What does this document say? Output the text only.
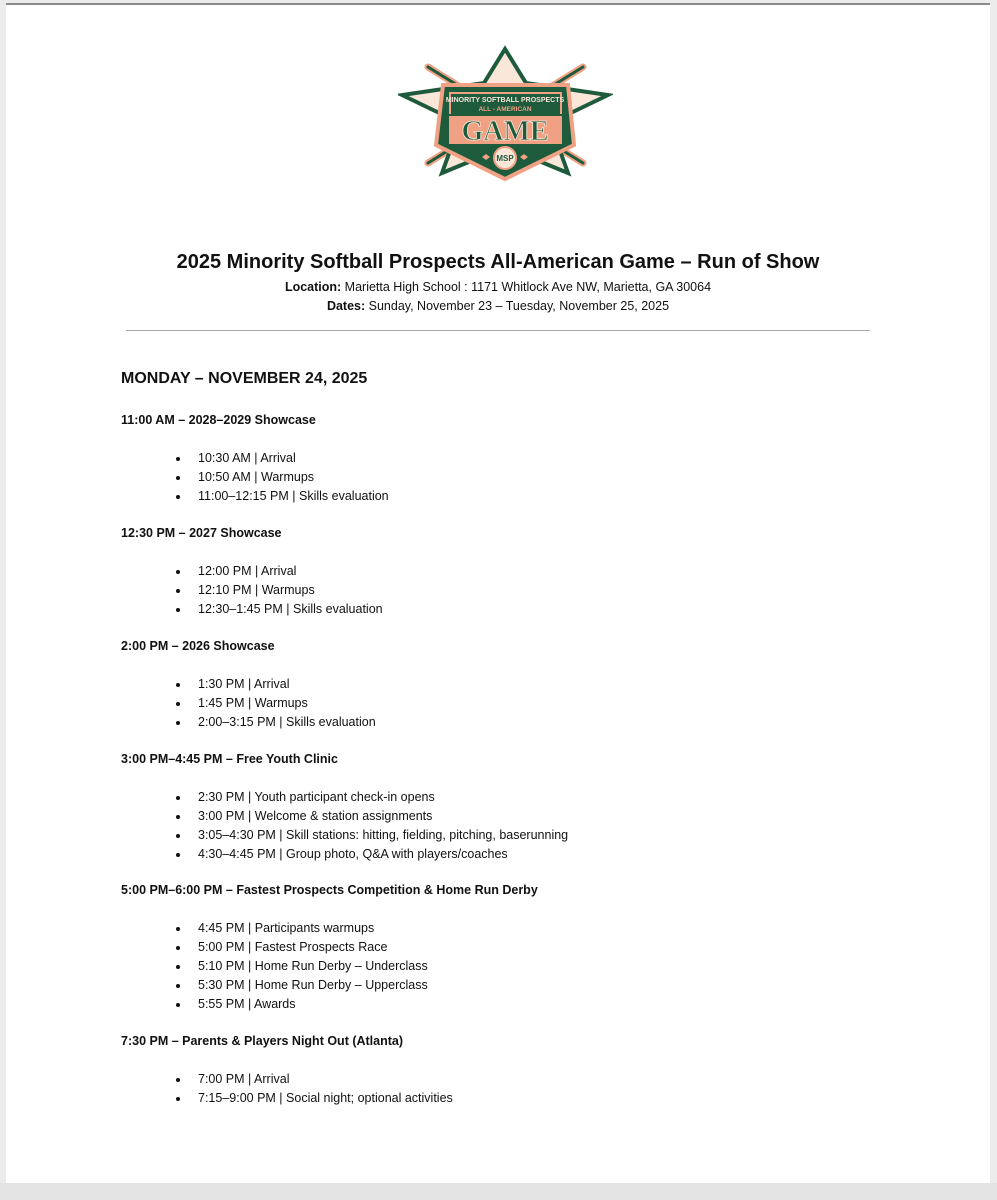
MINORITY SOFTBALL PROSPECTS
ALL - AMERICAN
GAME
MSP
2025 Minority Softball Prospects All-American Game – Run of Show
Location: Marietta High School : 1171 Whitlock Ave NW, Marietta, GA 30064
Dates: Sunday, November 23 – Tuesday, November 25, 2025
MONDAY – NOVEMBER 24, 2025
11:00 AM – 2028–2029 Showcase
10:30 AM | Arrival
10:50 AM | Warmups
11:00–12:15 PM | Skills evaluation
12:30 PM – 2027 Showcase
12:00 PM | Arrival
12:10 PM | Warmups
12:30–1:45 PM | Skills evaluation
2:00 PM – 2026 Showcase
1:30 PM | Arrival
1:45 PM | Warmups
2:00–3:15 PM | Skills evaluation
3:00 PM–4:45 PM – Free Youth Clinic
2:30 PM | Youth participant check-in opens
3:00 PM | Welcome & station assignments
3:05–4:30 PM | Skill stations: hitting, fielding, pitching, baserunning
4:30–4:45 PM | Group photo, Q&A with players/coaches
5:00 PM–6:00 PM – Fastest Prospects Competition & Home Run Derby
4:45 PM | Participants warmups
5:00 PM | Fastest Prospects Race
5:10 PM | Home Run Derby – Underclass
5:30 PM | Home Run Derby – Upperclass
5:55 PM | Awards
7:30 PM – Parents & Players Night Out (Atlanta)
7:00 PM | Arrival
7:15–9:00 PM | Social night; optional activities
